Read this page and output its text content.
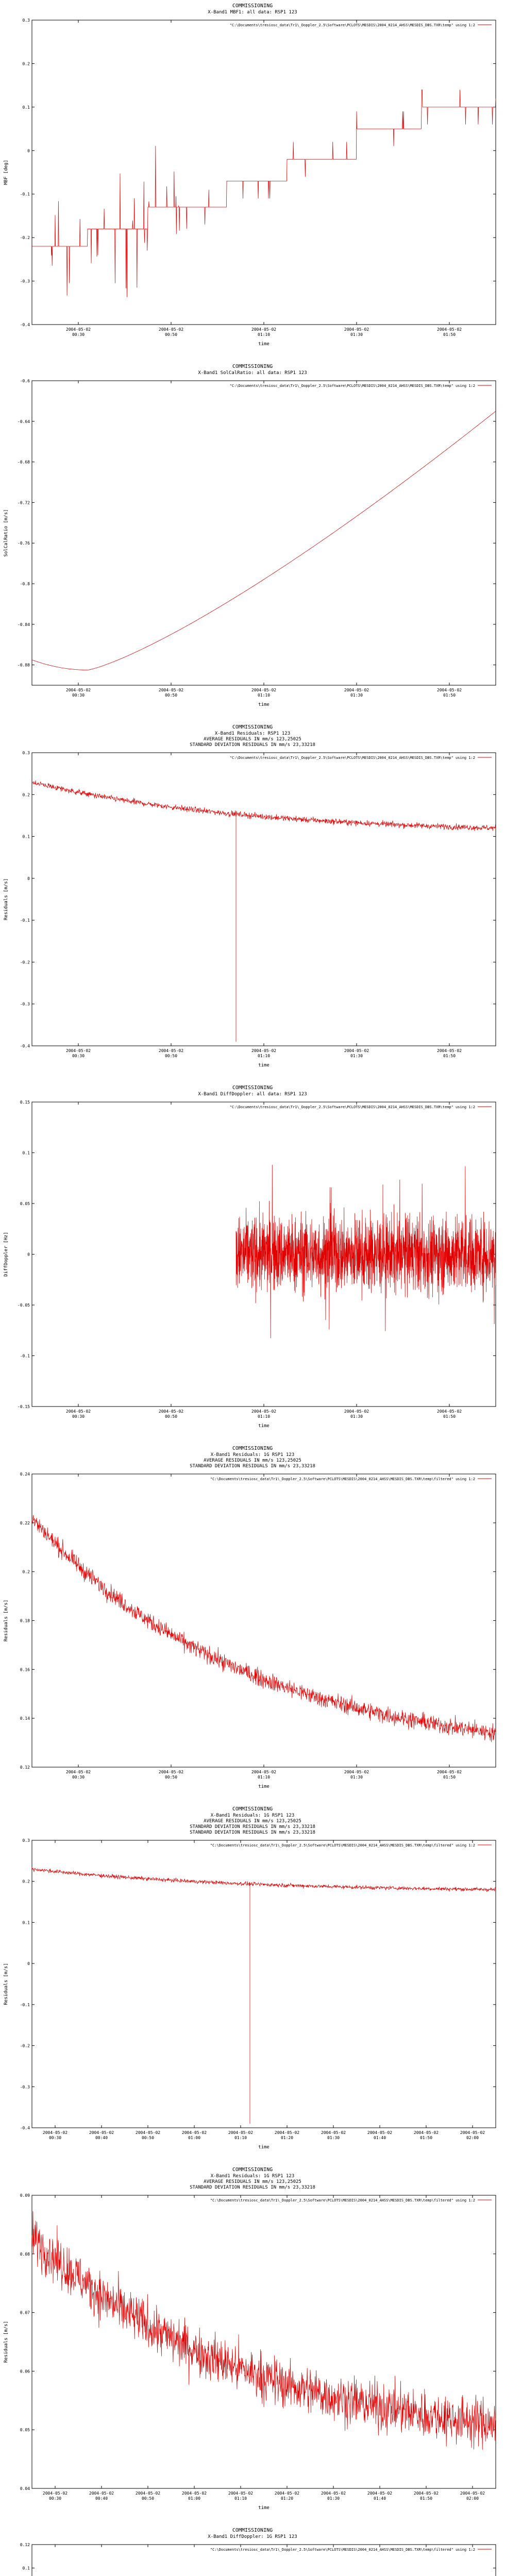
COMMISSIONING
X-Band1 MBF1: all data: RSP1 123
0.3
0.2
0.1
0
-0.1
-0.2
-0.3
-0.4
2004-05-02 00:30
2004-05-02 00:50
2004-05-02 01:10
2004-05-02 01:30
2004-05-02 01:50
time
MBF [deg]
"C:\Documents\tresiosc_data\Tr1\_Doppler_2.5\Software\PCLOTS\MESDIS\2004_0214_AHSS\MESDIS_DBS.TXR\temp" using 1:2
COMMISSIONING
X-Band1 SolCalRatio: all data: RSP1 123
-0.6
-0.64
-0.68
-0.72
-0.76
-0.8
-0.84
-0.88
2004-05-02 00:30
2004-05-02 00:50
2004-05-02 01:10
2004-05-02 01:30
2004-05-02 01:50
time
SolCalRatio [m/s]
"C:\Documents\tresiosc_data\Tr1\_Doppler_2.5\Software\PCLOTS\MESDIS\2004_0214_AHSS\MESDIS_DBS.TXR\temp" using 1:2
COMMISSIONING
X-Band1 Residuals: RSP1 123
AVERAGE RESIDUALS IN mm/s 123,25025
STANDARD DEVIATION RESIDUALS IN mm/s 23,33218
0.3
0.2
0.1
0
-0.1
-0.2
-0.3
-0.4
2004-05-02 00:30
2004-05-02 00:50
2004-05-02 01:10
2004-05-02 01:30
2004-05-02 01:50
time
Residuals [m/s]
"C:\Documents\tresiosc_data\Tr1\_Doppler_2.5\Software\PCLOTS\MESDIS\2004_0214_AHSS\MESDIS_DBS.TXR\temp" using 1:2
COMMISSIONING
X-Band1 DiffDoppler: all data: RSP1 123
0.15
0.1
0.05
0
-0.05
-0.1
-0.15
2004-05-02 00:30
2004-05-02 00:50
2004-05-02 01:10
2004-05-02 01:30
2004-05-02 01:50
time
DiffDoppler [Hz]
"C:\Documents\tresiosc_data\Tr1\_Doppler_2.5\Software\PCLOTS\MESDIS\2004_0214_AHSS\MESDIS_DBS.TXR\temp" using 1:2
COMMISSIONING
X-Band1 Residuals: 1G RSP1 123
AVERAGE RESIDUALS IN mm/s 123,25025
STANDARD DEVIATION RESIDUALS IN mm/s 23,33218
0.24
0.22
0.2
0.18
0.16
0.14
0.12
2004-05-02 00:30
2004-05-02 00:50
2004-05-02 01:10
2004-05-02 01:30
2004-05-02 01:50
time
Residuals [m/s]
"C:\Documents\tresiosc_data\Tr1\_Doppler_2.5\Software\PCLOTS\MESDIS\2004_0214_AHSS\MESDIS_DBS.TXR\temp\filtered" using 1:2
COMMISSIONING
X-Band1 Residuals: 1G RSP1 123
AVERAGE RESIDUALS IN mm/s 123,25025
STANDARD DEVIATION RESIDUALS IN mm/s 23,33218
STANDARD DEVIATION RESIDUALS IN mm/s 23,33218
0.3
0.2
0.1
0
-0.1
-0.2
-0.3
-0.4
2004-05-02 00:30
2004-05-02 00:40
2004-05-02 00:50
2004-05-02 01:00
2004-05-02 01:10
2004-05-02 01:20
2004-05-02 01:30
2004-05-02 01:40
2004-05-02 01:50
2004-05-02 02:00
time
Residuals [m/s]
"C:\Documents\tresiosc_data\Tr1\_Doppler_2.5\Software\PCLOTS\MESDIS\2004_0214_AHSS\MESDIS_DBS.TXR\temp\filtered" using 1:2
COMMISSIONING
X-Band1 Residuals: 1G RSP1 123
AVERAGE RESIDUALS IN mm/s 123,25025
STANDARD DEVIATION RESIDUALS IN mm/s 23,33218
0.09
0.08
0.07
0.06
0.05
0.04
2004-05-02 00:30
2004-05-02 00:40
2004-05-02 00:50
2004-05-02 01:00
2004-05-02 01:10
2004-05-02 01:20
2004-05-02 01:30
2004-05-02 01:40
2004-05-02 01:50
2004-05-02 02:00
time
Residuals [m/s]
"C:\Documents\tresiosc_data\Tr1\_Doppler_2.5\Software\PCLOTS\MESDIS\2004_0214_AHSS\MESDIS_DBS.TXR\temp\filtered" using 1:2
COMMISSIONING
X-Band1 DiffDoppler: 1G RSP1 123
0.12
0.1
"C:\Documents\tresiosc_data\Tr1\_Doppler_2.5\Software\PCLOTS\MESDIS\2004_0214_AHSS\MESDIS_DBS.TXR\temp\filtered" using 1:2
